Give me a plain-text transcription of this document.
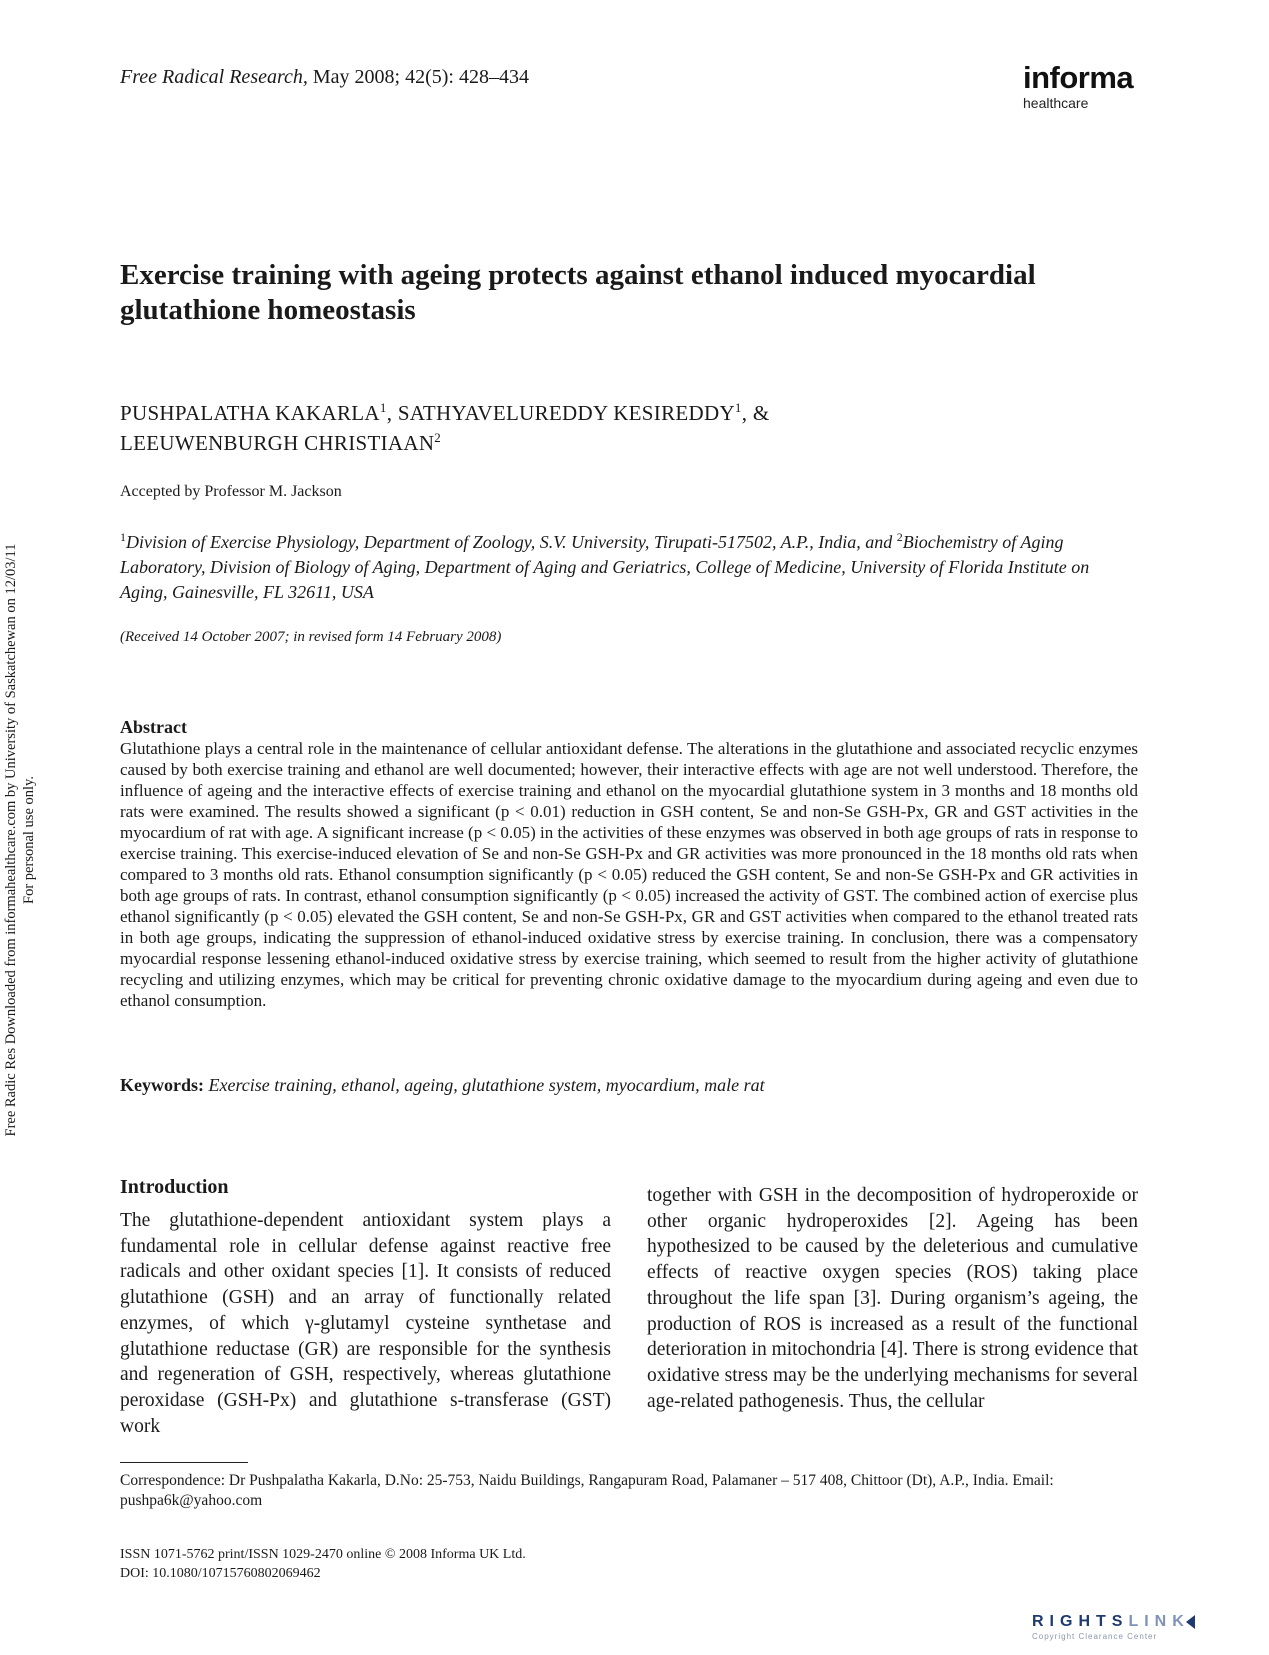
Free Radical Research, May 2008; 42(5): 428–434	informa
healthcare
Exercise training with ageing protects against ethanol induced myocardial glutathione homeostasis
PUSHPALATHA KAKARLA$^1$, SATHYAVELUREDDY KESIREDDY$^1$, &
LEEUWENBURGH CHRISTIAAN$^2$
Accepted by Professor M. Jackson
$^1$Division of Exercise Physiology, Department of Zoology, S.V. University, Tirupati-517502, A.P., India, and $^2$Biochemistry of Aging Laboratory, Division of Biology of Aging, Department of Aging and Geriatrics, College of Medicine, University of Florida Institute on Aging, Gainesville, FL 32611, USA
(Received 14 October 2007; in revised form 14 February 2008)
Abstract

Glutathione plays a central role in the maintenance of cellular antioxidant defense. The alterations in the glutathione and associated recyclic enzymes caused by both exercise training and ethanol are well documented; however, their interactive effects with age are not well understood. Therefore, the influence of ageing and the interactive effects of exercise training and ethanol on the myocardial glutathione system in 3 months and 18 months old rats were examined. The results showed a significant (p < 0.01) reduction in GSH content, Se and non-Se GSH-Px, GR and GST activities in the myocardium of rat with age. A significant increase (p < 0.05) in the activities of these enzymes was observed in both age groups of rats in response to exercise training. This exercise-induced elevation of Se and non-Se GSH-Px and GR activities was more pronounced in the 18 months old rats when compared to 3 months old rats. Ethanol consumption significantly (p < 0.05) reduced the GSH content, Se and non-Se GSH-Px and GR activities in both age groups of rats. In contrast, ethanol consumption significantly (p < 0.05) increased the activity of GST. The combined action of exercise plus ethanol significantly (p < 0.05) elevated the GSH content, Se and non-Se GSH-Px, GR and GST activities when compared to the ethanol treated rats in both age groups, indicating the suppression of ethanol-induced oxidative stress by exercise training. In conclusion, there was a compensatory myocardial response lessening ethanol-induced oxidative stress by exercise training, which seemed to result from the higher activity of glutathione recycling and utilizing enzymes, which may be critical for preventing chronic oxidative damage to the myocardium during ageing and even due to ethanol consumption.

Keywords: Exercise training, ethanol, ageing, glutathione system, myocardium, male rat
Introduction

The glutathione-dependent antioxidant system plays a fundamental role in cellular defense against reactive free radicals and other oxidant species [1]. It consists of reduced glutathione (GSH) and an array of functionally related enzymes, of which γ-glutamyl cysteine synthetase and glutathione reductase (GR) are responsible for the synthesis and regeneration of GSH, respectively, whereas glutathione peroxidase (GSH-Px) and glutathione s-transferase (GST) work

together with GSH in the decomposition of hydroperoxide or other organic hydroperoxides [2]. Ageing has been hypothesized to be caused by the deleterious and cumulative effects of reactive oxygen species (ROS) taking place throughout the life span [3]. During organism’s ageing, the production of ROS is increased as a result of the functional deterioration in mitochondria [4]. There is strong evidence that oxidative stress may be the underlying mechanisms for several age-related pathogenesis. Thus, the cellular

Correspondence: Dr Pushpalatha Kakarla, D.No: 25-753, Naidu Buildings, Rangapuram Road, Palamaner – 517 408, Chittoor (Dt), A.P., India. Email: pushpa6k@yahoo.com

ISSN 1071-5762 print/ISSN 1029-2470 online © 2008 Informa UK Ltd.
DOI: 10.1080/10715760802069462
Free Radic Res Downloaded from informahealthcare.com by University of Saskatchewan on 12/03/11 For personal use only.
RIGHTSLINK
Copyright Clearance Center
